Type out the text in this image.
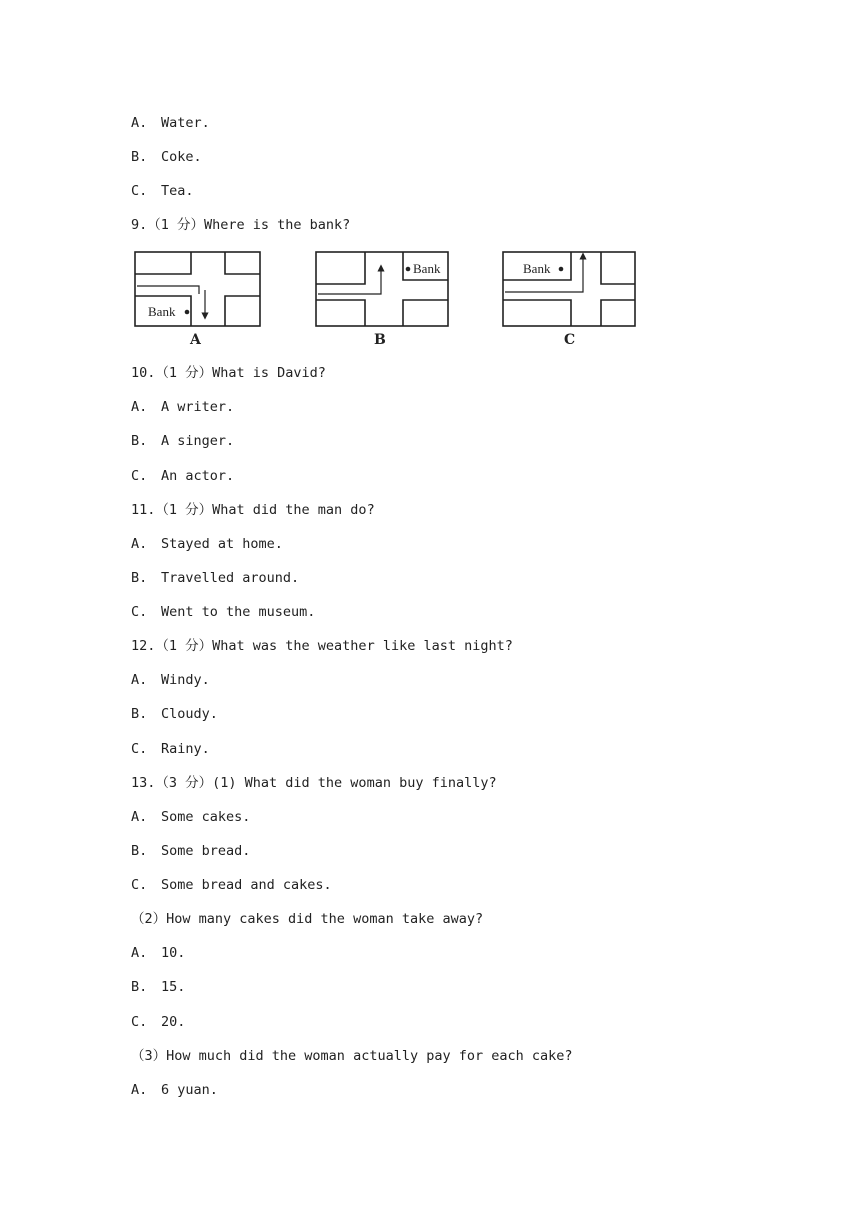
A. Water.
B. Coke.
C. Tea.
9.（1 分）Where is the bank?
Bank
Bank	Bank
A	B	C
10.（1 分）What is David?
A. A writer.
B. A singer.
C. An actor.
11.（1 分）What did the man do?
A. Stayed at home.
B. Travelled around.
C. Went to the museum.
12.（1 分）What was the weather like last night?
A. Windy.
B. Cloudy.
C. Rainy.
13.（3 分）(1) What did the woman buy finally?
A. Some cakes.
B. Some bread.
C. Some bread and cakes.
（2）How many cakes did the woman take away?
A. 10.
B. 15.
C. 20.
（3）How much did the woman actually pay for each cake?
A. 6 yuan.
